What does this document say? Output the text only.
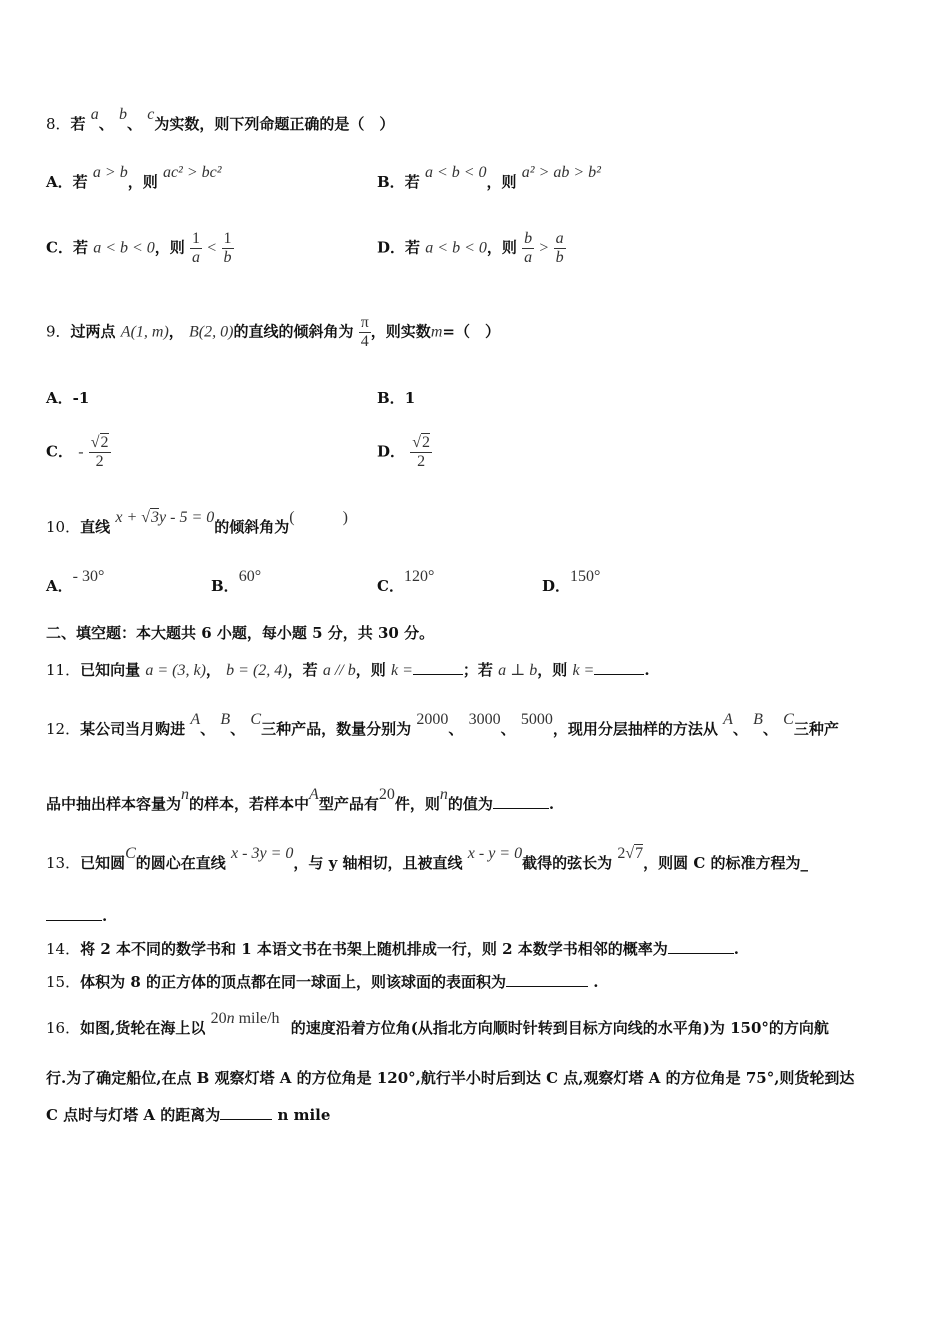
8．若 a、 b、 c为实数，则下列命题正确的是（　）
A．若 a > b，则 ac² > bc²
B．若 a < b < 0，则 a² > ab > b²
C．若 a < b < 0，则 $\frac{1}{a} < \frac{1}{b}$	D．若 a < b < 0，则 $\frac{b}{a} > \frac{a}{b}$
9．过两点 A(1, m)， B(2, 0)的直线的倾斜角为 $\frac{\pi}{4}$ ，则实数m=（　）
A．-1	B．1
C． - $\frac{√2}{2}$	D． $\frac{√2}{2}$
10．直线 x + √3y - 5 = 0的倾斜角为(　　　)
A．- 30°
B．60°
C．120°
D．150°
二、填空题：本大题共 6 小题，每小题 5 分，共 30 分。
11．已知向量 a = (3, k)， b = (2, 4)，若 a // b，则 k =	；若 a ⊥ b，则 k =	.
12．某公司当月购进 A、 B、 C三种产品，数量分别为 2000、 3000、 5000，现用分层抽样的方法从 A、 B、 C三种产
品中抽出样本容量为n的样本，若样本中A型产品有20件，则n的值为	.
13．已知圆C的圆心在直线 x - 3y = 0，与 y 轴相切，且被直线 x - y = 0截得的弦长为 2√7，则圆 C 的标准方程为_
.
14．将 2 本不同的数学书和 1 本语文书在书架上随机排成一行，则 2 本数学书相邻的概率为	.
15．体积为 8 的正方体的顶点都在同一球面上，则该球面的表面积为	.
16．如图,货轮在海上以 20n mile/h 的速度沿着方位角(从指北方向顺时针转到目标方向线的水平角)为 150°的方向航
行.为了确定船位,在点 B 观察灯塔 A 的方位角是 120°,航行半小时后到达 C 点,观察灯塔 A 的方位角是 75°,则货轮到达
C 点时与灯塔 A 的距离为	n mile
